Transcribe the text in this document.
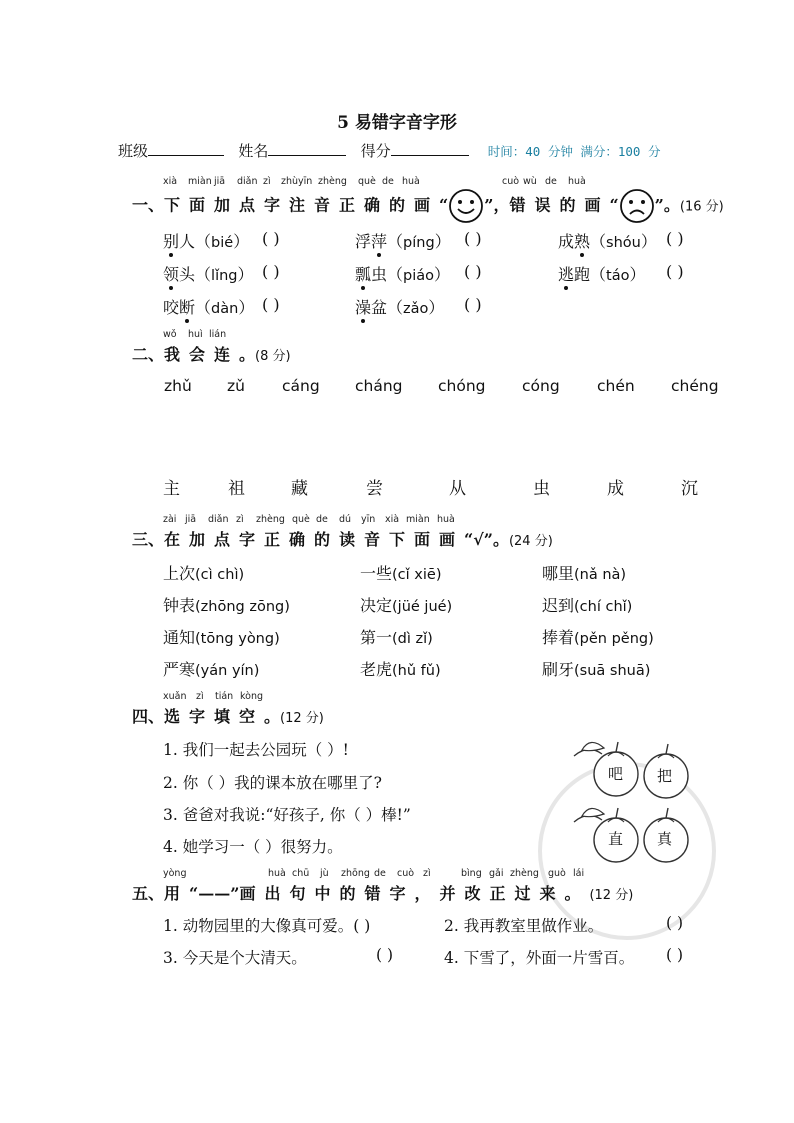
5 易错字音字形
班级	姓名	得分	时间：40 分钟 满分：100 分
xià miàn jiā diǎn zì zhù yīn zhèng què de huà	cuò wù de huà
一、下面加点字注音正确的画“ ”，错误的画“ ”。(16 分)
别人（bié） ( )	浮萍（píng） ( )	成熟（shóu） ( )
领头（lǐng） ( )	瓢虫（piáo） ( )	逃跑（táo） ( )
咬断（dàn） ( )	澡盆（zǎo） ( )
wǒ huì lián
二、我会连。(8 分)
zhǔ zǔ cáng cháng chóng cóng chén chéng
主	祖	藏	尝	从	虫	成	沉
zài jiā diǎn zì zhèng què de dú yīn xià miàn huà
三、在加点字正确的读音下面画“√”。(24 分)
上次(cì chì)	一些(cǐ xiē)	哪里(nǎ nà)
钟表(zhōng zōng)	决定(jüé jué)	迟到(chí chǐ)
通知(tōng yòng)	第一(dì zǐ)	捧着(pěn pěng)
严寒(yán yín)	老虎(hǔ fǔ)	刷牙(suā shuā)
xuǎn zì tián kòng
四、选字填空。(12 分)
1. 我们一起去公园玩（ ）!
2. 你（ ）我的课本放在哪里了?
3. 爸爸对我说:“好孩子, 你（ ）棒!”
4. 她学习一（ ）很努力。
吧 把
直 真
yòng	huà chū jù zhōng de cuò zì	bìng gǎi zhèng guò lái
五、用“——”画出句中的错字，并改正过来。(12 分)
1. 动物园里的大像真可爱。( )	2. 我再教室里做作业。	( )
3. 今天是个大清天。	( )	4. 下雪了，外面一片雪百。 ( )
